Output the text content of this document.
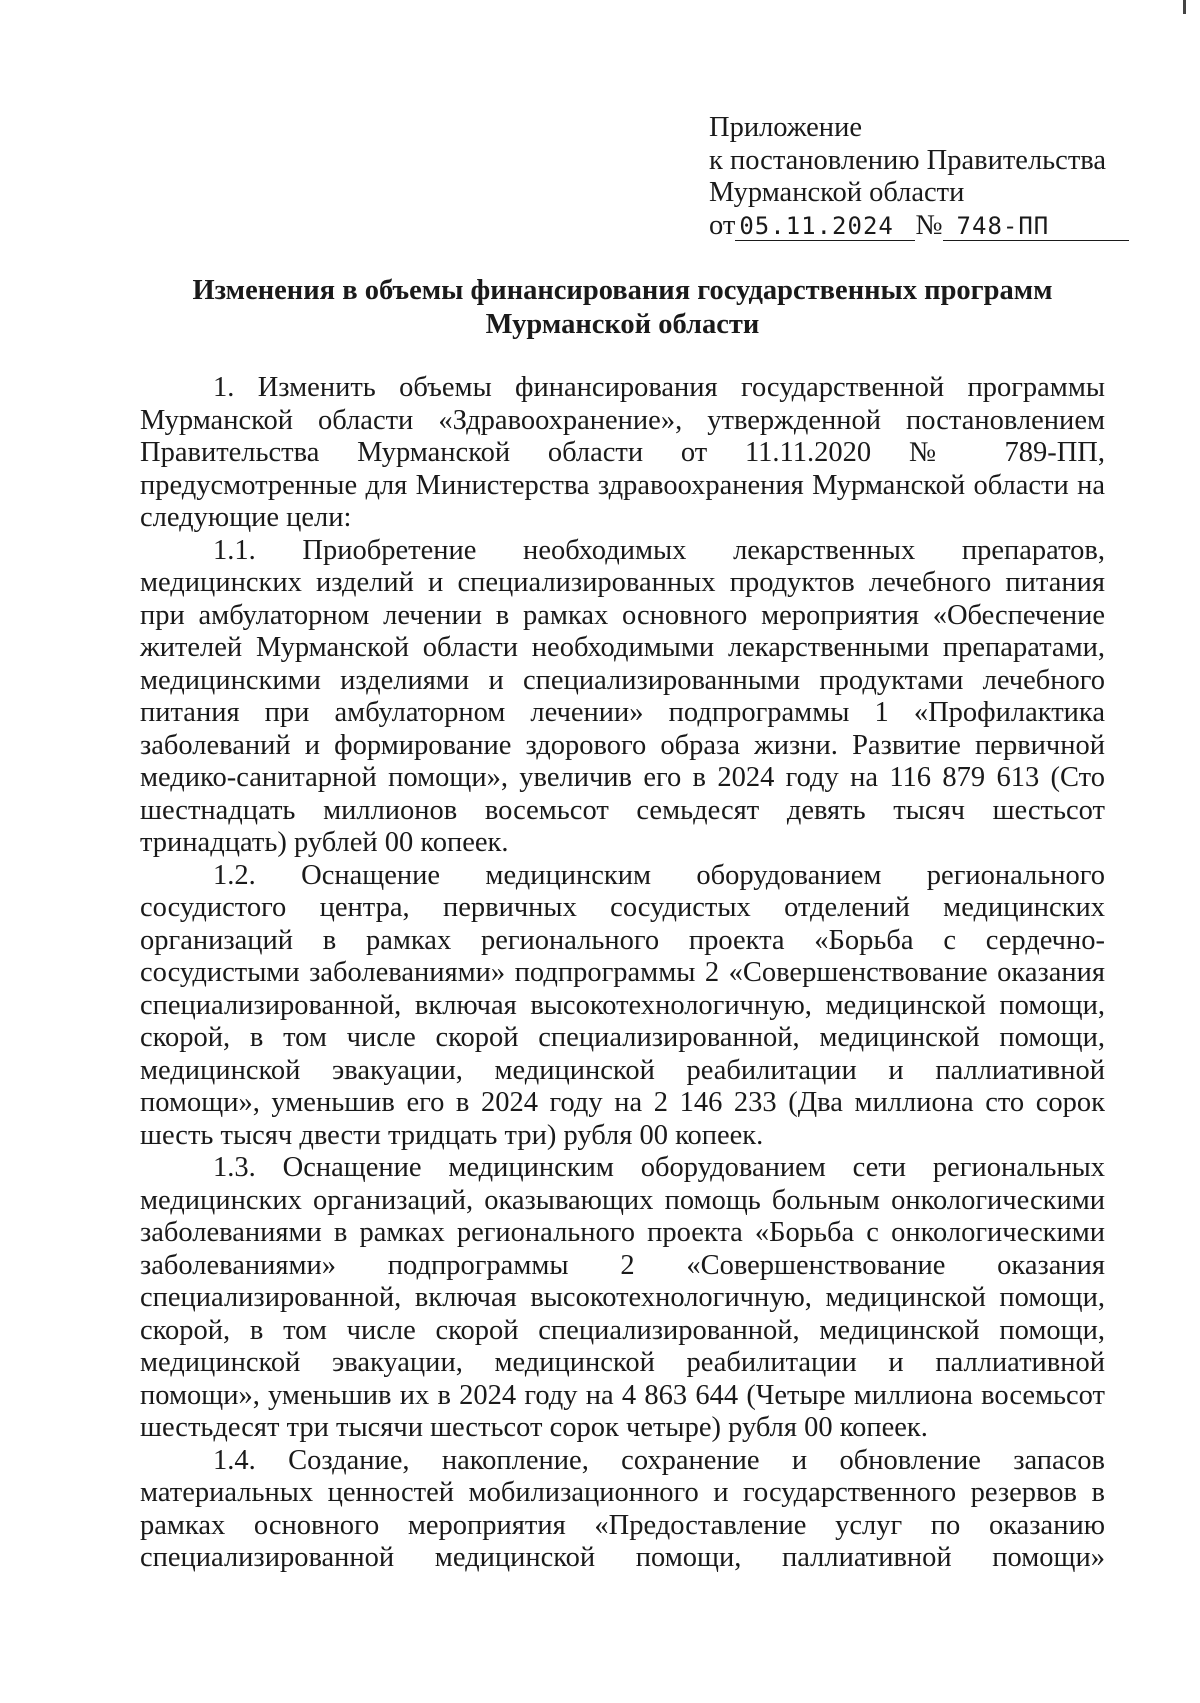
Приложение
к постановлению Правительства
Мурманской области
от 05.11.2024 № 748-ПП
Изменения в объемы финансирования государственных программ
Мурманской области

1. Изменить объемы финансирования государственной программы Мурманской области «Здравоохранение», утвержденной постановлением Правительства Мурманской области от 11.11.2020 № 789-ПП, предусмотренные для Министерства здравоохранения Мурманской области на следующие цели:

1.1. Приобретение необходимых лекарственных препаратов, медицинских изделий и специализированных продуктов лечебного питания при амбулаторном лечении в рамках основного мероприятия «Обеспечение жителей Мурманской области необходимыми лекарственными препаратами, медицинскими изделиями и специализированными продуктами лечебного питания при амбулаторном лечении» подпрограммы 1 «Профилактика заболеваний и формирование здорового образа жизни. Развитие первичной медико-санитарной помощи», увеличив его в 2024 году на 116 879 613 (Сто шестнадцать миллионов восемьсот семьдесят девять тысяч шестьсот тринадцать) рублей 00 копеек.

1.2. Оснащение медицинским оборудованием регионального сосудистого центра, первичных сосудистых отделений медицинских организаций в рамках регионального проекта «Борьба с сердечно-сосудистыми заболеваниями» подпрограммы 2 «Совершенствование оказания специализированной, включая высокотехнологичную, медицинской помощи, скорой, в том числе скорой специализированной, медицинской помощи, медицинской эвакуации, медицинской реабилитации и паллиативной помощи», уменьшив его в 2024 году на 2 146 233 (Два миллиона сто сорок шесть тысяч двести тридцать три) рубля 00 копеек.

1.3. Оснащение медицинским оборудованием сети региональных медицинских организаций, оказывающих помощь больным онкологическими заболеваниями в рамках регионального проекта «Борьба с онкологическими заболеваниями» подпрограммы 2 «Совершенствование оказания специализированной, включая высокотехнологичную, медицинской помощи, скорой, в том числе скорой специализированной, медицинской помощи, медицинской эвакуации, медицинской реабилитации и паллиативной помощи», уменьшив их в 2024 году на 4 863 644 (Четыре миллиона восемьсот шестьдесят три тысячи шестьсот сорок четыре) рубля 00 копеек.

1.4. Создание, накопление, сохранение и обновление запасов материальных ценностей мобилизационного и государственного резервов в рамках основного мероприятия «Предоставление услуг по оказанию специализированной медицинской помощи, паллиативной помощи»
